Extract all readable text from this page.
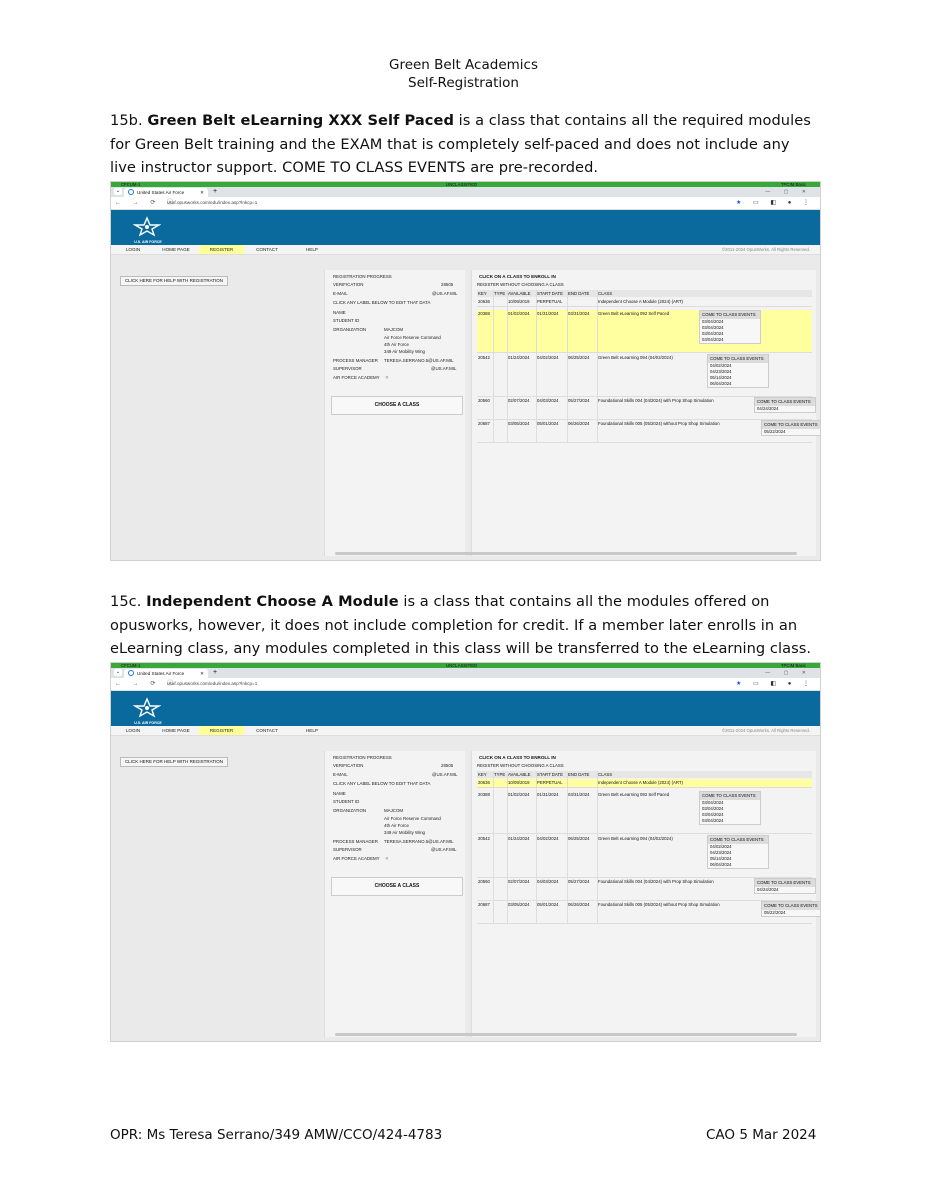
Green Belt Academics
Self-Registration
15b. Green Belt eLearning XXX Self Paced is a class that contains all the required modules for Green Belt training and the EXAM that is completely self-paced and does not include any live instructor support. COME TO CLASS EVENTS are pre-recorded.
15c. Independent Choose A Module is a class that contains all the modules offered on opusworks, however, it does not include completion for credit. If a member later enrolls in an eLearning class, any modules completed in this class will be transferred to the eLearning class.
CFCUM-1	UNCLASSIFIED	TPCIM Basic
⌄	United States Air Force	✕ +	— ▢ ✕
← → ⟳ ⓘ
usaf.opusworks.com/edu/index.asp?lnkcp=1	★ ▭ ◧ ● ⋮
U.S. AIR FORCE
LOGIN	HOME PAGE	REGISTER	CONTACT	HELP	©2011-2024 OpusWorks. All Rights Reserved.
CLICK HERE FOR HELP WITH REGISTRATION
REGISTRATION PROGRESS
VERIFICATION	28505
E-MAIL	@US.AF.MIL
CLICK ANY LABEL BELOW TO EDIT THAT DATA
NAME
STUDENT ID
ORGANIZATION	MAJCOM
Air Force Reserve Command
4th Air Force
349 Air Mobility Wing
PROCESS MANAGER TERESA.SERRANO.5@US.AF.MIL
SUPERVISOR	@US.AF.MIL
AIR FORCE ACADEMY ✕
CHOOSE A CLASS
CLICK ON A CLASS TO ENROLL IN
REGISTER WITHOUT CHOOSING A CLASS
KEY TYPE AVAILABLE START DATE END DATE CLASS
20636	10/09/2019 PERPETUAL	Independent Choose A Module (2024) (ART)
20388	01/02/2024 01/31/2024 03/31/2024 Green Belt eLearning 092 Self Paced	COME TO CLASS EVENTS
03/04/2024
03/04/2024
03/04/2024
03/04/2024
20542	01/24/2024 04/02/2024 06/25/2024 Green Belt eLearning 094 (04/02/2024)	COME TO CLASS EVENTS
04/02/2024
04/23/2024
05/14/2024
06/04/2024
20560	02/07/2024 04/03/2024 05/27/2024 Foundational Skills 004 (04/2024) with Prop Shop Simulation	COME TO CLASS EVENTS
04/24/2024
20687	03/05/2024 05/01/2024 06/26/2024 Foundational Skills 005 (05/2024) without Prop Shop Simulation	COME TO CLASS EVENTS
05/22/2024
CFCUM-1	UNCLASSIFIED	TPCIM Basic
⌄	United States Air Force	✕ +	— ▢ ✕
← → ⟳ ⓘ
usaf.opusworks.com/edu/index.asp?lnkcp=1	★ ▭ ◧ ● ⋮
U.S. AIR FORCE
LOGIN	HOME PAGE	REGISTER	CONTACT	HELP	©2011-2024 OpusWorks. All Rights Reserved.
CLICK HERE FOR HELP WITH REGISTRATION
REGISTRATION PROGRESS
VERIFICATION	28505
E-MAIL	@US.AF.MIL
CLICK ANY LABEL BELOW TO EDIT THAT DATA
NAME
STUDENT ID
ORGANIZATION	MAJCOM
Air Force Reserve Command
4th Air Force
349 Air Mobility Wing
PROCESS MANAGER TERESA.SERRANO.5@US.AF.MIL
SUPERVISOR	@US.AF.MIL
AIR FORCE ACADEMY ✕
CHOOSE A CLASS
CLICK ON A CLASS TO ENROLL IN
REGISTER WITHOUT CHOOSING A CLASS
KEY TYPE AVAILABLE START DATE END DATE CLASS
20636	10/09/2019 PERPETUAL	Independent Choose A Module (2024) (ART)
20388	01/02/2024 01/31/2024 03/31/2024 Green Belt eLearning 092 Self Paced	COME TO CLASS EVENTS
03/04/2024
03/04/2024
03/04/2024
03/04/2024
20542	01/24/2024 04/02/2024 06/25/2024 Green Belt eLearning 094 (04/02/2024)	COME TO CLASS EVENTS
04/02/2024
04/23/2024
05/14/2024
06/04/2024
20560	02/07/2024 04/03/2024 05/27/2024 Foundational Skills 004 (04/2024) with Prop Shop Simulation	COME TO CLASS EVENTS
04/24/2024
20687	03/05/2024 05/01/2024 06/26/2024 Foundational Skills 005 (05/2024) without Prop Shop Simulation	COME TO CLASS EVENTS
05/22/2024
OPR: Ms Teresa Serrano/349 AMW/CCO/424-4783	CAO 5 Mar 2024
